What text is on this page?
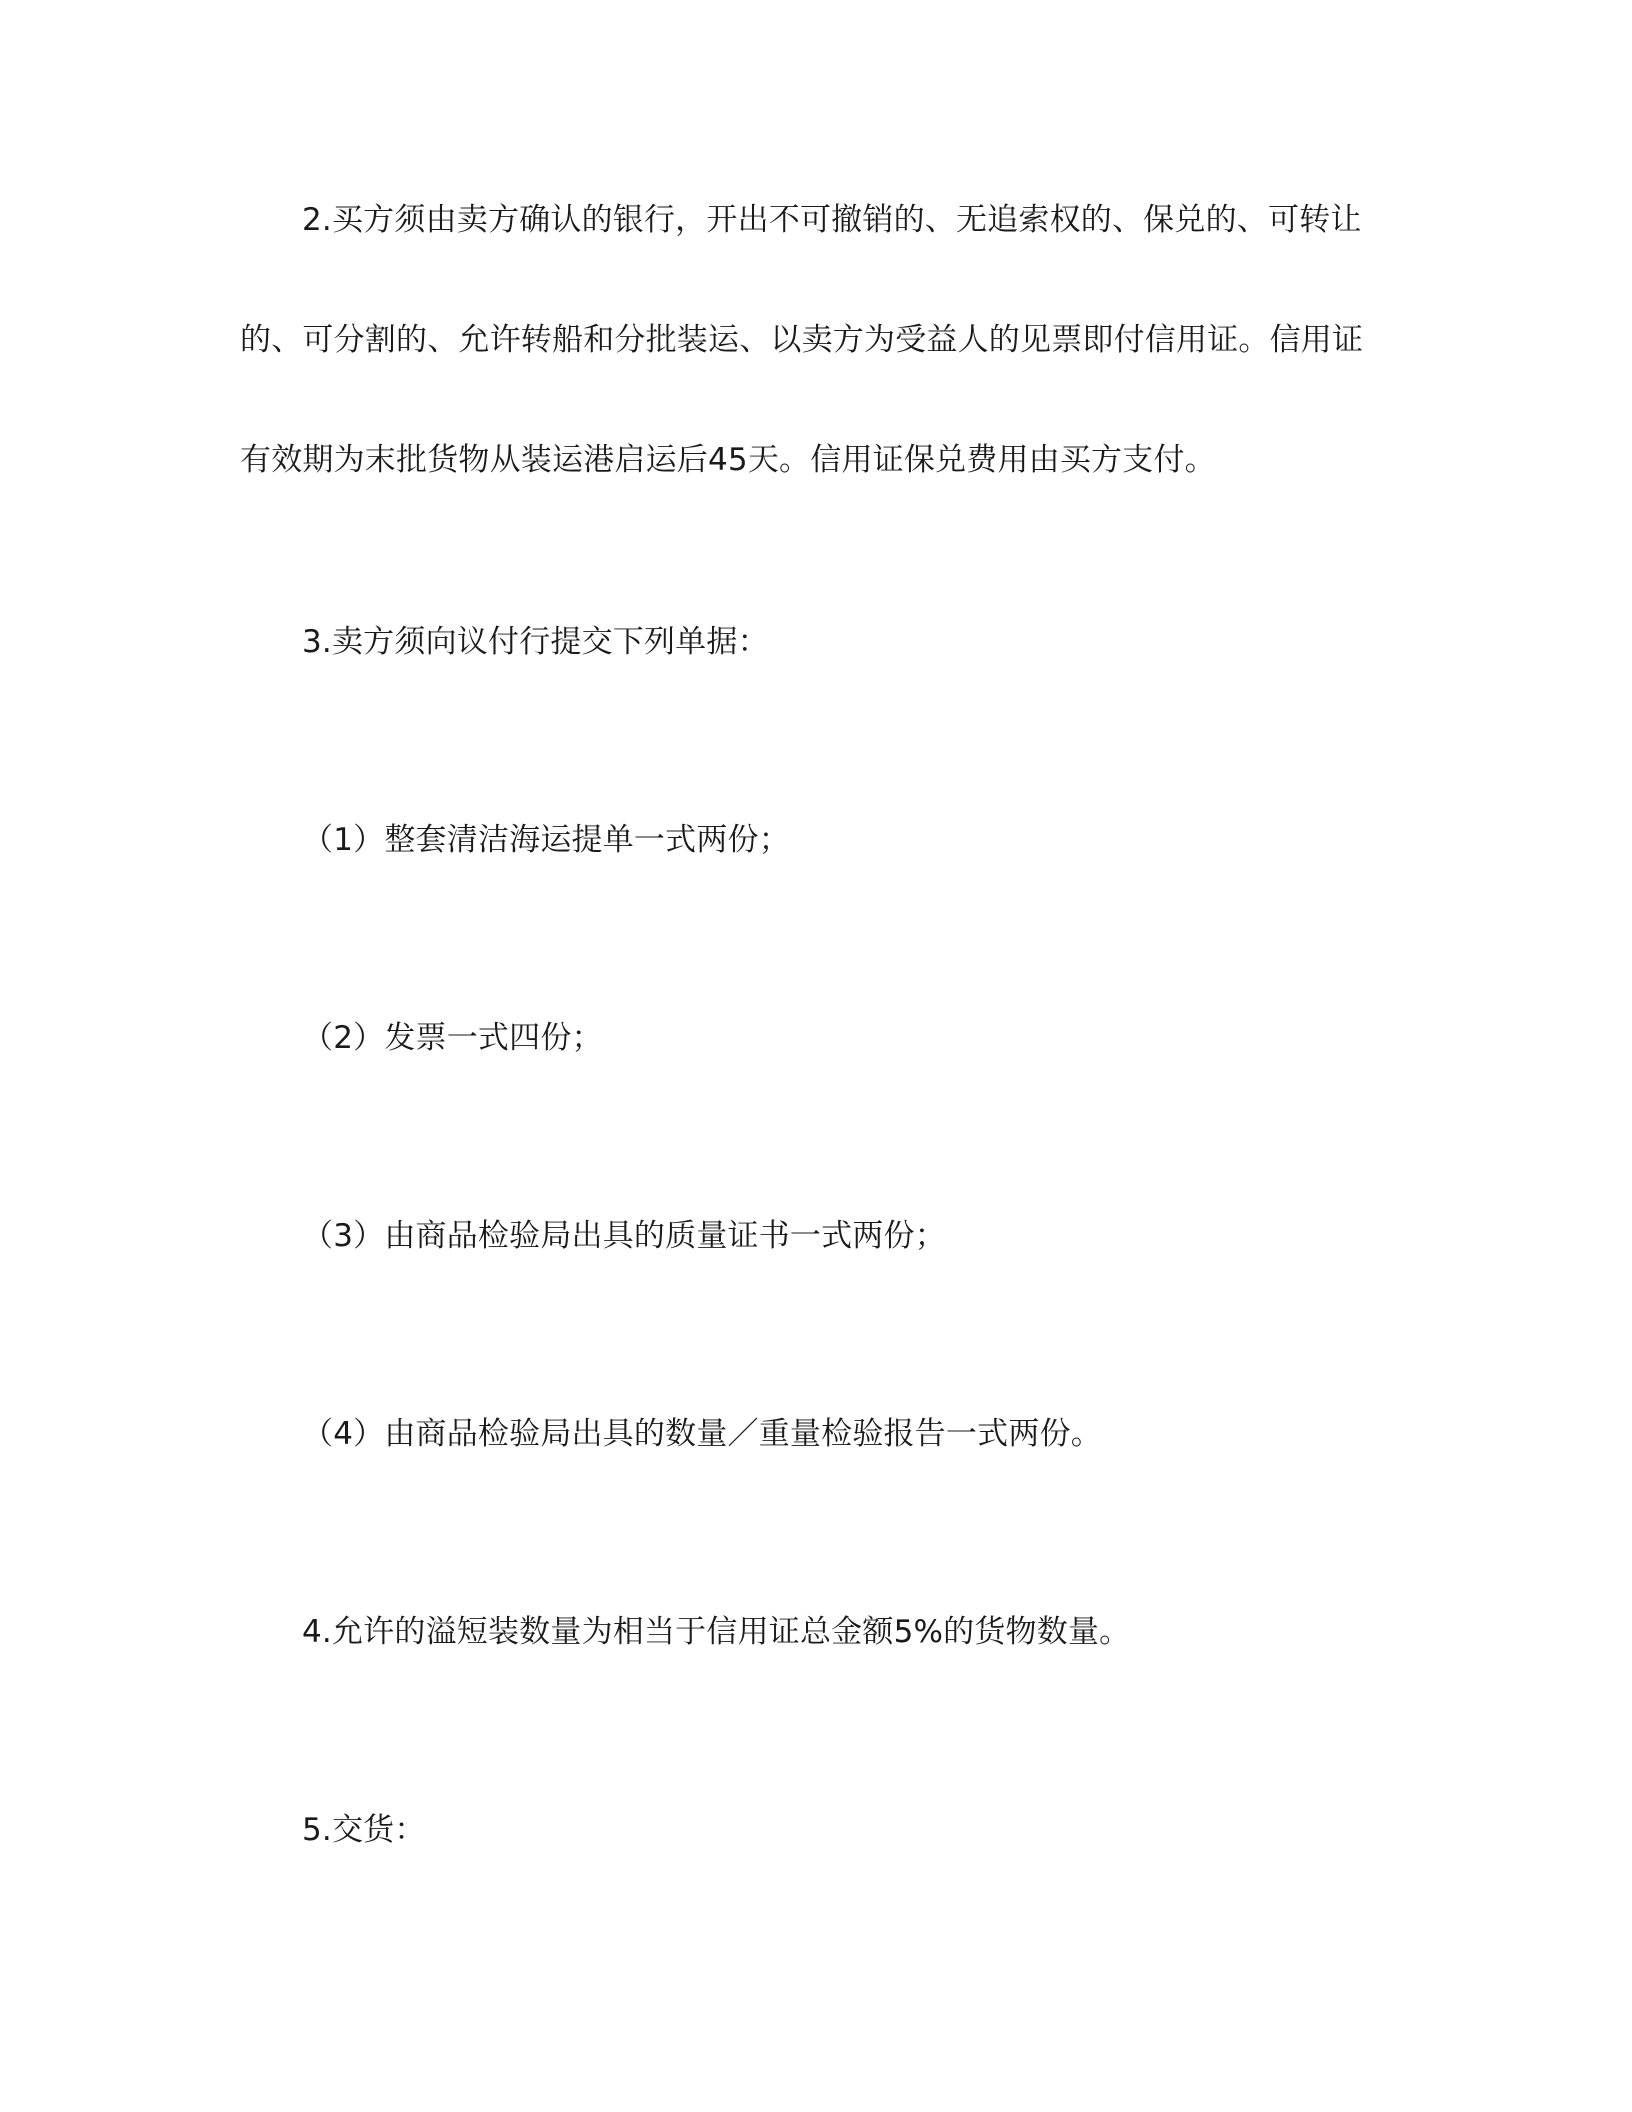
2.买方须由卖方确认的银行，开出不可撤销的、无追索权的、保兑的、可转让的、可分割的、允许转船和分批装运、以卖方为受益人的见票即付信用证。信用证有效期为末批货物从装运港启运后45天。信用证保兑费用由买方支付。

3.卖方须向议付行提交下列单据：

（1）整套清洁海运提单一式两份；

（2）发票一式四份；

（3）由商品检验局出具的质量证书一式两份；

（4）由商品检验局出具的数量／重量检验报告一式两份。

4.允许的溢短装数量为相当于信用证总金额5%的货物数量。

5.交货：
